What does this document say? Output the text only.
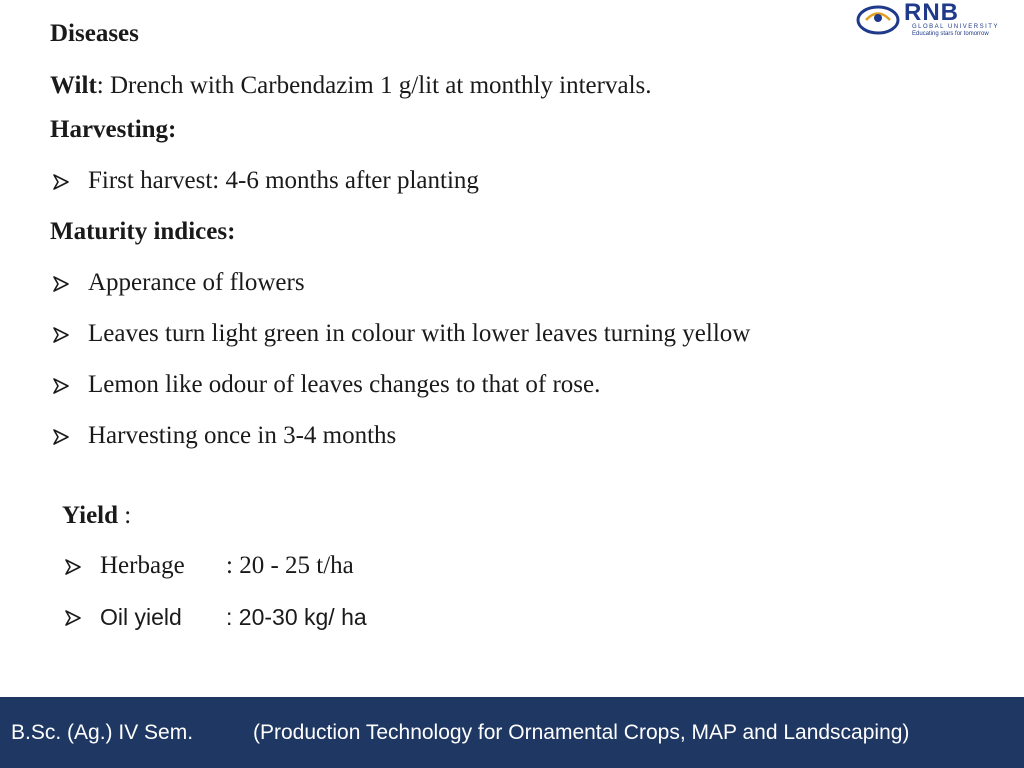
RNB
GLOBAL UNIVERSITY
Educating stars for tomorrow
Diseases
Wilt: Drench with Carbendazim 1 g/lit at monthly intervals.
Harvesting:
First harvest: 4-6 months after planting
Maturity indices:
Apperance of flowers
Leaves turn light green in colour with lower leaves turning yellow
Lemon like odour of leaves changes to that of rose.
Harvesting once in 3-4 months
Yield :
Herbage : 20 - 25 t/ha
Oil yield : 20-30 kg/ ha
B.Sc. (Ag.) IV Sem.	(Production Technology for Ornamental Crops, MAP and Landscaping)
